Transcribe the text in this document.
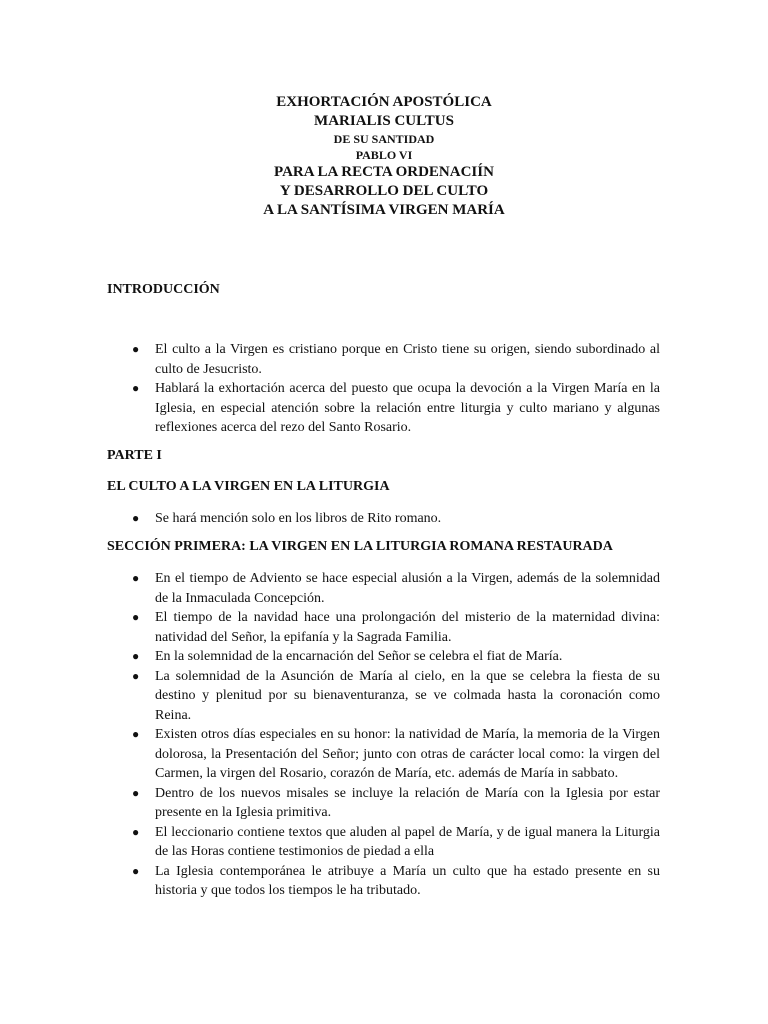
EXHORTACIÓN APOSTÓLICA
MARIALIS CULTUS
DE SU SANTIDAD
PABLO VI
PARA LA RECTA ORDENACIÍN
Y DESARROLLO DEL CULTO
A LA SANTÍSIMA VIRGEN MARÍA
INTRODUCCIÓN
● El culto a la Virgen es cristiano porque en Cristo tiene su origen, siendo subordinado al culto de Jesucristo.
● Hablará la exhortación acerca del puesto que ocupa la devoción a la Virgen María en la Iglesia, en especial atención sobre la relación entre liturgia y culto mariano y algunas reflexiones acerca del rezo del Santo Rosario.
PARTE I
EL CULTO A LA VIRGEN EN LA LITURGIA
● Se hará mención solo en los libros de Rito romano.
SECCIÓN PRIMERA: LA VIRGEN EN LA LITURGIA ROMANA RESTAURADA
● En el tiempo de Adviento se hace especial alusión a la Virgen, además de la solemnidad de la Inmaculada Concepción.
● El tiempo de la navidad hace una prolongación del misterio de la maternidad divina: natividad del Señor, la epifanía y la Sagrada Familia.
● En la solemnidad de la encarnación del Señor se celebra el fiat de María.
● La solemnidad de la Asunción de María al cielo, en la que se celebra la fiesta de su destino y plenitud por su bienaventuranza, se ve colmada hasta la coronación como Reina.
● Existen otros días especiales en su honor: la natividad de María, la memoria de la Virgen dolorosa, la Presentación del Señor; junto con otras de carácter local como: la virgen del Carmen, la virgen del Rosario, corazón de María, etc. además de María in sabbato.
● Dentro de los nuevos misales se incluye la relación de María con la Iglesia por estar presente en la Iglesia primitiva.
● El leccionario contiene textos que aluden al papel de María, y de igual manera la Liturgia de las Horas contiene testimonios de piedad a ella
● La Iglesia contemporánea le atribuye a María un culto que ha estado presente en su historia y que todos los tiempos le ha tributado.
